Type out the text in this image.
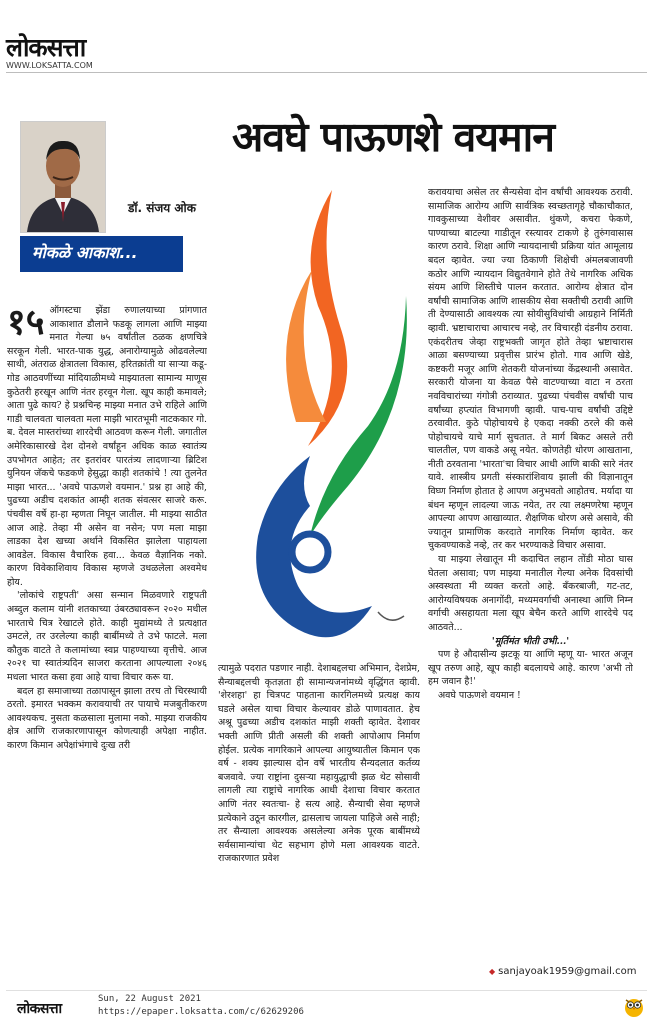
लोकसत्ता
WWW.LOKSATTA.COM
अवघे पाऊणशे वयमान
डॉ. संजय ओक
मोकळे आकाश...

१५ ऑगस्टचा झेंडा रुणालयाच्या प्रांगणात आकाशात डौलाने फडकू लागला आणि माझ्या मनात गेल्या ७५ वर्षांतील ठळक क्षणचित्रे सरकून गेली. भारत-पाक युद्ध, अनारोग्यामुळे ओढवलेल्या साथी, अंतराळ क्षेत्रातला विकास, हरितक्रांती या साऱ्या कडू-गोड आठवणींच्या मांदियाळीमध्ये माझ्यातला सामान्य माणूस कुठेतरी हरखून आणि नंतर हरवून गेला. खूप काही कमावले; आता पुढे काय? हे प्रश्नचिन्ह माझ्या मनात उभे राहिले आणि गाडी चालवता चालवता मला माझी भारतभूमी नाटककार गो. ब. देवल मास्तरांच्या शारदेची आठवण करून गेली. जगातील अमेरिकासारखे देश दोनशे वर्षांहून अधिक काळ स्वातंत्र्य उपभोगत आहेत; तर इतरांवर पारतंत्र्य लादणाऱ्या ब्रिटिश युनियन जॅकचे फडकणे हेसुद्धा काही शतकांचे ! त्या तुलनेत माझा भारत... 'अवघे पाऊणशे वयमान.' प्रश्न हा आहे की, पुढच्या अडीच दशकांत आम्ही शतक संवत्सर साजरे करू. पंचवीस वर्षे हा-हा म्हणता निघून जातील. मी माझ्या साठीत आज आहे. तेव्हा मी असेन वा नसेन; पण मला माझा लाडका देश खच्या अर्थाने विकसित झालेला पाहायला आवडेल. विकास वैचारिक हवा... केवळ वैज्ञानिक नको. कारण विवेकाशिवाय विकास म्हणजे उधळलेला अश्वमेध होय.

'लोकांचे राष्ट्रपती' असा सन्मान मिळवणारे राष्ट्रपती अब्दुल कलाम यांनी शतकाच्या उंबरठ्यावरून २०२० मधील भारताचे चित्र रेखाटले होते. काही मुद्यांमध्ये ते प्रत्यक्षात उमटले, तर उरलेल्या काही बाबींमध्ये ते उभे फाटले. मला कौतुक वाटते ते कलामांच्या स्वप्न पाहण्याच्या वृत्तीचे. आज २०२१ चा स्वातंत्र्यदिन साजरा करताना आपल्याला २०४६ मधला भारत कसा हवा आहे याचा विचार करू या.

बदल हा समाजाच्या तळापासून झाला तरच तो चिरस्थायी ठरतो. इमारत भक्कम करावयाची तर पायाचे मजबुतीकरण आवश्यकच. नुसता कळसाला मुलामा नको. माझ्या राजकीय क्षेत्र आणि राजकारणापासून कोणत्याही अपेक्षा नाहीत. कारण किमान अपेक्षांभंगाचे दुःख तरी

त्यामुळे पदरात पडणार नाही. देशाबद्दलचा अभिमान, देशप्रेम, सैन्याबद्दलची कृतज्ञता ही सामान्यजनांमध्ये वृद्धिंगत व्हावी. 'शेरशहा' हा चित्रपट पाहताना कारगिलमध्ये प्रत्यक्ष काय घडले असेल याचा विचार केल्यावर डोळे पाणावतात. हेच अश्रू पुढच्या अडीच दशकांत माझी शक्ती व्हावेत. देशावर भक्ती आणि प्रीती असली की शक्ती आपोआप निर्माण होईल. प्रत्येक नागरिकाने आपल्या आयुष्यातील किमान एक वर्ष - शक्य झाल्यास दोन वर्षे भारतीय सैन्यदलात कर्तव्य बजवावे. ज्या राष्ट्रांना दुसऱ्या महायुद्धाची झळ थेट सोसावी लागली त्या राष्ट्रांचे नागरिक आधी देशाचा विचार करतात आणि नंतर स्वतःचा- हे सत्य आहे. सैन्याची सेवा म्हणजे प्रत्येकाने उठून कारगील, द्रासलाच जायला पाहिजे असे नाही; तर सैन्याला आवश्यक असलेल्या अनेक पूरक बाबींमध्ये सर्वसामान्यांचा थेट सहभाग होणे मला आवश्यक वाटते. राजकारणात प्रवेश

करावयाचा असेल तर सैन्यसेवा दोन वर्षांची आवश्यक ठरावी. सामाजिक आरोग्य आणि सार्वत्रिक स्वच्छतागृहे चौकाचौकात, गावकुसाच्या वेशीवर असावीत. थुंकणे, कचरा फेकणे, पाण्याच्या बाटल्या गाडीतून रस्त्यावर टाकणे हे तुरुंगवासास कारण ठरावे. शिक्षा आणि न्यायदानाची प्रक्रिया यांत आमूलाग्र बदल व्हावेत. ज्या ज्या ठिकाणी शिक्षेची अंमलबजावणी कठोर आणि न्यायदान विद्युतवेगाने होते तेथे नागरिक अधिक संयम आणि शिस्तीचे पालन करतात. आरोग्य क्षेत्रात दोन वर्षांची सामाजिक आणि शासकीय सेवा सक्तीची ठरावी आणि ती देण्यासाठी आवश्यक त्या सोयीसुविधांची आग्रहाने निर्मिती व्हावी. भ्रष्टाचाराचा आचारच नव्हे, तर विचारही दंडनीय ठरावा. एकंदरीतच जेव्हा राष्ट्रभक्ती जागृत होते तेव्हा भ्रष्टाचारास आळा बसण्याच्या प्रवृत्तीस प्रारंभ होतो. गाव आणि खेडे, कष्टकरी मजूर आणि शेतकरी योजनांच्या केंद्रस्थानी असावेत. सरकारी योजना या केवळ पैसे वाटण्याच्या वाटा न ठरता नवविचारांच्या गंगोत्री ठराव्यात. पुढच्या पंचवीस वर्षांची पाच वर्षांच्या हप्त्यांत विभागणी व्हावी. पाच-पाच वर्षांची उद्दिष्टे ठरवावीत. कुठे पोहोचायचे हे एकदा नक्की ठरले की कसे पोहोचायचे याचे मार्ग सुचतात. ते मार्ग बिकट असले तरी चालतील, पण वाकडे असू नयेत. कोणतेही धोरण आखताना, नीती ठरवताना 'भारता'चा विचार आधी आणि बाकी सारे नंतर यावे. शास्त्रीय प्रगती संस्कारांशिवाय झाली की विज्ञानातून विघ्ण निर्माण होतात हे आपण अनुभवतो आहोतच. मर्यादा या बंधन म्हणून लादल्या जाऊ नयेत, तर त्या लक्ष्मणरेषा म्हणून आपल्या आपण आखाव्यात. शैक्षणिक धोरण असे असावे, की ज्यातून प्रामाणिक करदाते नागरिक निर्माण व्हावेत. कर चुकवण्याकडे नव्हे, तर कर भरण्याकडे विचार असावा.

या माझ्या लेखातून मी कदाचित लहान तोंडी मोठा घास घेतला असावा; पण माझ्या मनातील गेल्या अनेक दिवसांची अस्वस्थता मी व्यक्त करतो आहे. बँकरबाजी, गट-तट, आरोग्यविषयक अनागोंदी, मध्यमवर्गाची अनास्था आणि निम्न वर्गाची असहायता मला खूप बेचैन करते आणि शारदेचे पद आठवते...

'मूर्तिमंत भीती उभी...'

पण हे औदासीन्य झटकू या आणि म्हणू या- भारत अजून खूप तरुण आहे, खूप काही बदलायचे आहे. कारण 'अभी तो हम जवान है!'

अवघे पाऊणशे वयमान !

◆ sanjayoak1959@gmail.com
लोकसत्ता
Sun, 22 August 2021
https://epaper.loksatta.com/c/62629206
